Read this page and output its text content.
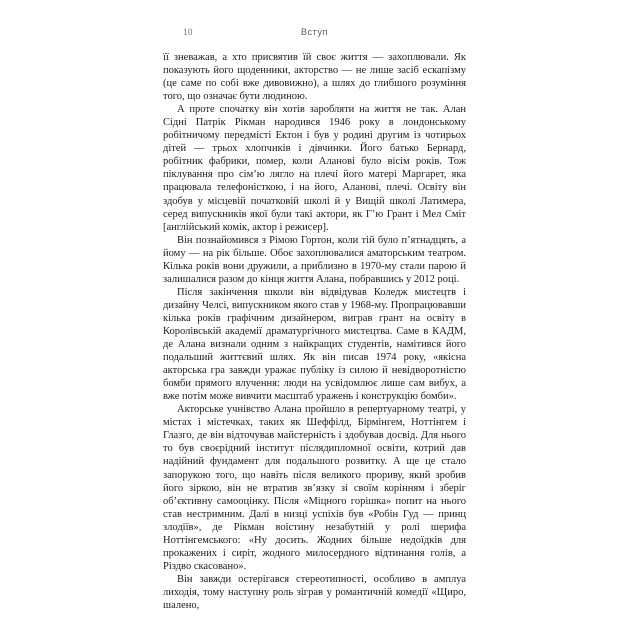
10	Вступ

її зневажав, а хто присвятив їй своє життя — захоплювали. Як показують його щоденники, акторство — не лише засіб ескапізму (це саме по собі вже дивовижно), а шлях до глибшого розуміння того, що означає бути людиною.

А проте спочатку він хотів заробляти на життя не так. Алан Сідні Патрік Рікман народився 1946 року в лондонському робітничому передмісті Ектон і був у родині другим із чотирьох дітей — трьох хлопчиків і дівчинки. Його батько Бернард, робітник фабрики, помер, коли Аланові було вісім років. Тож піклування про сім’ю лягло на плечі його матері Маргарет, яка працювала телефоністкою, і на його, Аланові, плечі. Освіту він здобув у місцевій початковій школі й у Вищій школі Латимера, серед випускників якої були такі актори, як Г’ю Грант і Мел Сміт [англійський комік, актор і режисер].

Він познайомився з Рімою Гортон, коли тій було п’ятнадцять, а йому — на рік більше. Обоє захоплювалися аматорським театром. Кілька років вони дружили, а приблизно в 1970-му стали парою й залишалися разом до кінця життя Алана, побравшись у 2012 році.

Після закінчення школи він відвідував Коледж мистецтв і дизайну Челсі, випускником якого став у 1968-му. Пропрацювавши кілька років графічним дизайнером, виграв грант на освіту в Королівській академії драматургічного мистецтва. Саме в КАДМ, де Алана визнали одним з найкращих студентів, намітився його подальший життєвий шлях. Як він писав 1974 року, «якісна акторська гра завжди уражає публіку із силою й невідворотністю бомби прямого влучення: люди на усвідомлює лише сам вибух, а вже потім може вивчити масштаб уражень і конструкцію бомби».

Акторське учнівство Алана пройшло в репертуарному театрі, у містах і містечках, таких як Шеффілд, Бірмінгем, Ноттінгем і Глазго, де він відточував майстерність і здобував досвід. Для нього то був своєрідний інститут післядипломної освіти, котрий дав надійний фундамент для подальшого розвитку. А ще це стало запорукою того, що навіть після великого прориву, який зробив його зіркою, він не втратив зв’язку зі своїм корінням і зберіг об’єктивну самооцінку. Після «Міцного горішка» попит на нього став нестримним. Далі в низці успіхів був «Робін Гуд — принц злодіїв», де Рікман воістину незабутній у ролі шерифа Ноттінгемського: «Ну досить. Жодних більше недоїдків для прокажених і сиріт, жодного милосердного відтинання голів, а Різдво скасовано».

Він завжди остерігався стереотипності, особливо в амплуа лиходія, тому наступну роль зіграв у романтичній комедії «Щиро, шалено,
